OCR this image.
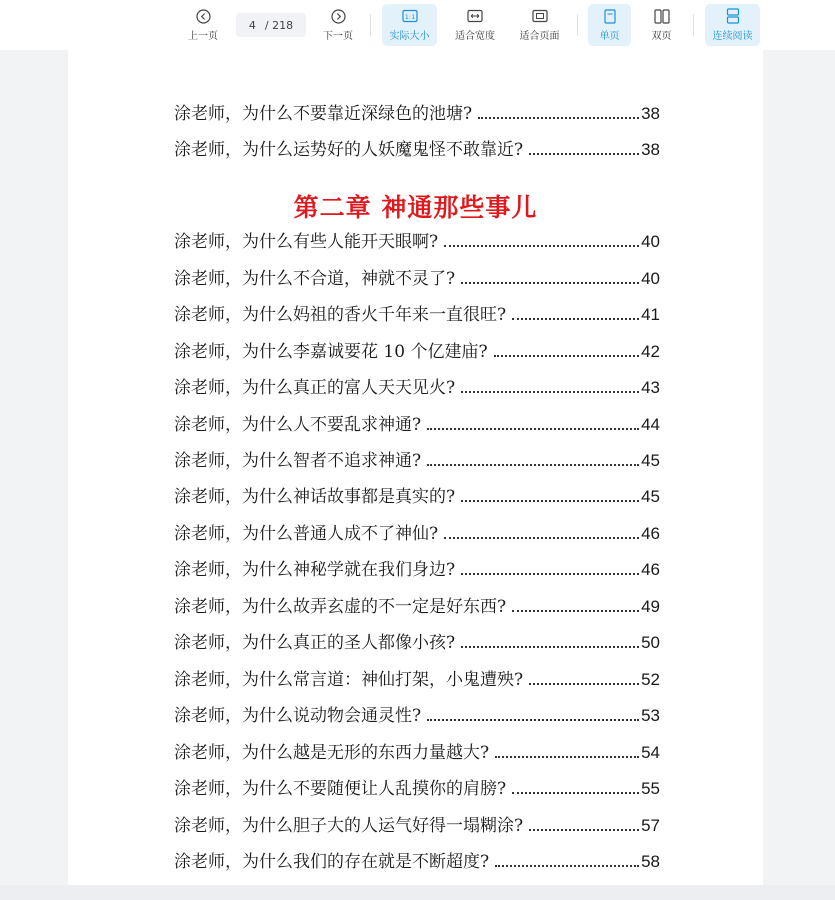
上一页
4 / 218
下一页
1:1
实际大小	适合宽度 适合页面	单页	双页	连续阅读
涂老师，为什么不要靠近深绿色的池塘?	38
涂老师，为什么运势好的人妖魔鬼怪不敢靠近?	38
第二章 神通那些事儿
涂老师，为什么有些人能开天眼啊?	40
涂老师，为什么不合道，神就不灵了?	40
涂老师，为什么妈祖的香火千年来一直很旺?	41
涂老师，为什么李嘉诚要花 10 个亿建庙?	42
涂老师，为什么真正的富人天天见火?	43
涂老师，为什么人不要乱求神通?	44
涂老师，为什么智者不追求神通?	45
涂老师，为什么神话故事都是真实的?	45
涂老师，为什么普通人成不了神仙?	46
涂老师，为什么神秘学就在我们身边?	46
涂老师，为什么故弄玄虚的不一定是好东西?	49
涂老师，为什么真正的圣人都像小孩?	50
涂老师，为什么常言道：神仙打架，小鬼遭殃?	52
涂老师，为什么说动物会通灵性?	53
涂老师，为什么越是无形的东西力量越大?	54
涂老师，为什么不要随便让人乱摸你的肩膀?	55
涂老师，为什么胆子大的人运气好得一塌糊涂?	57
涂老师，为什么我们的存在就是不断超度?	58
